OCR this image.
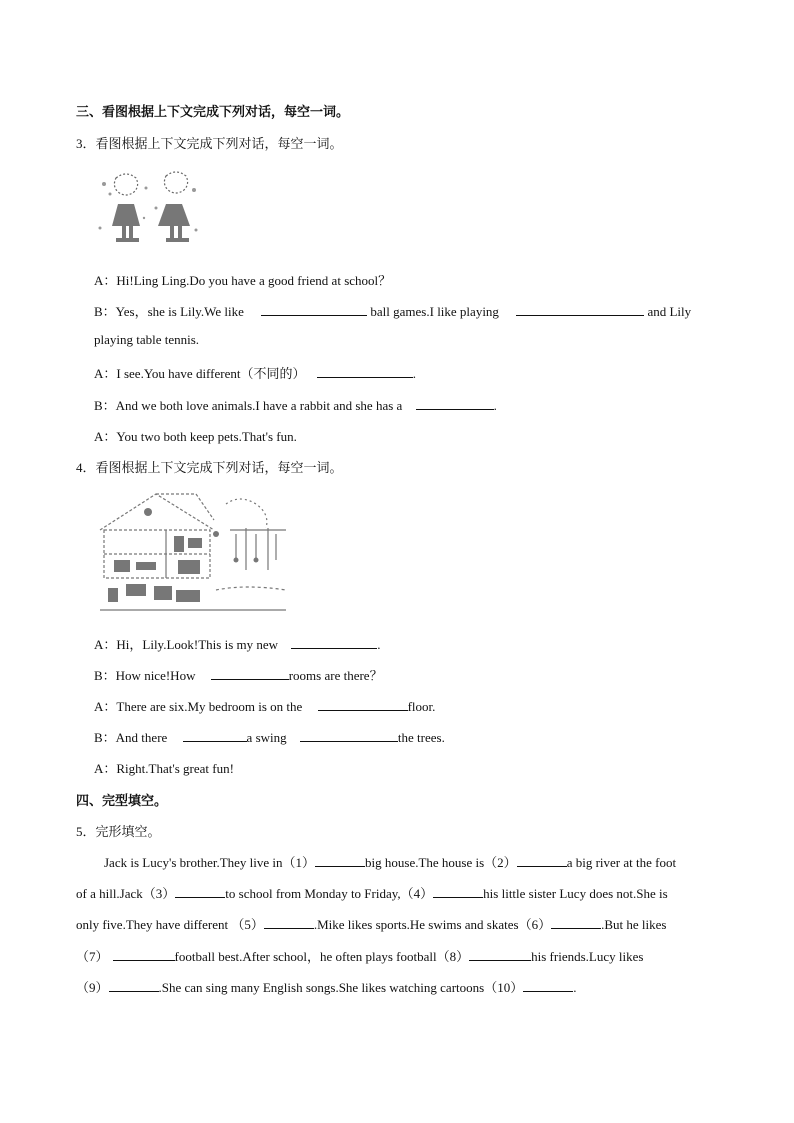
三、看图根据上下文完成下列对话，每空一词。
3．看图根据上下文完成下列对话，每空一词。
A：Hi!Ling Ling.Do you have a good friend at school？
B：Yes，she is Lily.We like	ball games.I like playing	and Lily
playing table tennis.
A：I see.You have different（不同的）	.
B：And we both love animals.I have a rabbit and she has a	.
A：You two both keep pets.That's fun.
4．看图根据上下文完成下列对话，每空一词。
A：Hi，Lily.Look!This is my new	.
B：How nice!How	rooms are there？
A：There are six.My bedroom is on the	floor.
B：And there	a swing	the trees.
A：Right.That's great fun!
四、完型填空。
5．完形填空。
Jack is Lucy's brother.They live in（1）	big house.The house is（2）	a big river at the foot
of a hill.Jack（3）	to school from Monday to Friday,（4）	his little sister Lucy does not.She is
only five.They have different （5）	.Mike likes sports.He swims and skates（6）	.But he likes
（7）	football best.After school，he often plays football（8）	his friends.Lucy likes
（9）	.She can sing many English songs.She likes watching cartoons（10）	.
